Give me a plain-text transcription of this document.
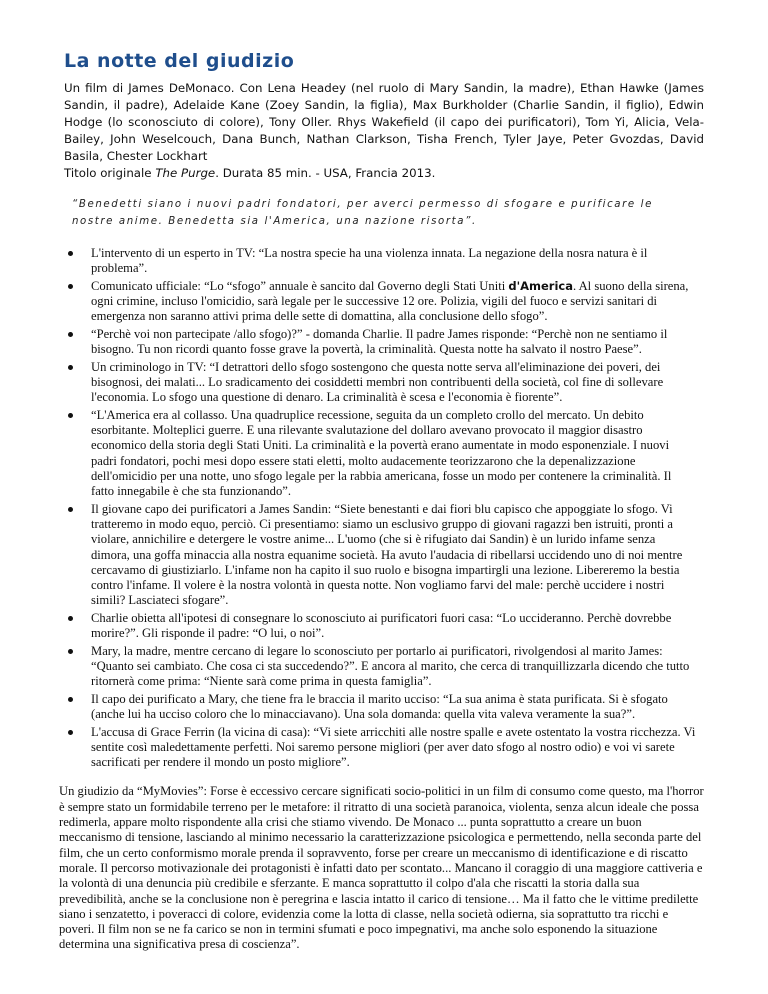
La notte del giudizio

Un film di James DeMonaco. Con Lena Headey (nel ruolo di Mary Sandin, la madre), Ethan Hawke (James Sandin, il padre), Adelaide Kane (Zoey Sandin, la figlia), Max Burkholder (Charlie Sandin, il figlio), Edwin Hodge (lo sconosciuto di colore), Tony Oller. Rhys Wakefield (il capo dei purificatori), Tom Yi, Alicia, Vela-Bailey, John Weselcouch, Dana Bunch, Nathan Clarkson, Tisha French, Tyler Jaye, Peter Gvozdas, David Basila, Chester Lockhart
Titolo originale The Purge. Durata 85 min. - USA, Francia 2013.

“Benedetti siano i nuovi padri fondatori, per averci permesso di sfogare e purificare le nostre anime. Benedetta sia l'America, una nazione risorta”.

L'intervento di un esperto in TV: “La nostra specie ha una violenza innata. La negazione della nosra natura è il problema”.
Comunicato ufficiale: “Lo “sfogo” annuale è sancito dal Governo degli Stati Uniti d'America. Al suono della sirena, ogni crimine, incluso l'omicidio, sarà legale per le successive 12 ore. Polizia, vigili del fuoco e servizi sanitari di emergenza non saranno attivi prima delle sette di domattina, alla conclusione dello sfogo”.
“Perchè voi non partecipate /allo sfogo)?” - domanda Charlie. Il padre James risponde: “Perchè non ne sentiamo il bisogno. Tu non ricordi quanto fosse grave la povertà, la criminalità. Questa notte ha salvato il nostro Paese”.
Un criminologo in TV: “I detrattori dello sfogo sostengono che questa notte serva all'eliminazione dei poveri, dei bisognosi, dei malati... Lo sradicamento dei cosiddetti membri non contribuenti della società, col fine di sollevare l'economia. Lo sfogo una questione di denaro. La criminalità è scesa e l'economia è fiorente”.
“L'America era al collasso. Una quadruplice recessione, seguita da un completo crollo del mercato. Un debito esorbitante. Molteplici guerre. E una rilevante svalutazione del dollaro avevano provocato il maggior disastro economico della storia degli Stati Uniti. La criminalità e la povertà erano aumentate in modo esponenziale. I nuovi padri fondatori, pochi mesi dopo essere stati eletti, molto audacemente teorizzarono che la depenalizzazione dell'omicidio per una notte, uno sfogo legale per la rabbia americana, fosse un modo per contenere la criminalità. Il fatto innegabile è che sta funzionando”.
Il giovane capo dei purificatori a James Sandin: “Siete benestanti e dai fiori blu capisco che appoggiate lo sfogo. Vi tratteremo in modo equo, perciò. Ci presentiamo: siamo un esclusivo gruppo di giovani ragazzi ben istruiti, pronti a violare, annichilire e detergere le vostre anime... L'uomo (che si è rifugiato dai Sandin) è un lurido infame senza dimora, una goffa minaccia alla nostra equanime società. Ha avuto l'audacia di ribellarsi uccidendo uno di noi mentre cercavamo di giustiziarlo. L'infame non ha capito il suo ruolo e bisogna impartirgli una lezione. Libereremo la bestia contro l'infame. Il volere è la nostra volontà in questa notte. Non vogliamo farvi del male: perchè uccidere i nostri simili? Lasciateci sfogare”.
Charlie obietta all'ipotesi di consegnare lo sconosciuto ai purificatori fuori casa: “Lo uccideranno. Perchè dovrebbe morire?”. Gli risponde il padre: “O lui, o noi”.
Mary, la madre, mentre cercano di legare lo sconosciuto per portarlo ai purificatori, rivolgendosi al marito James: “Quanto sei cambiato. Che cosa ci sta succedendo?”. E ancora al marito, che cerca di tranquillizzarla dicendo che tutto ritornerà come prima: “Niente sarà come prima in questa famiglia”.
Il capo dei purificato a Mary, che tiene fra le braccia il marito ucciso: “La sua anima è stata purificata. Si è sfogato (anche lui ha ucciso coloro che lo minacciavano). Una sola domanda: quella vita valeva veramente la sua?”.
L'accusa di Grace Ferrin (la vicina di casa): “Vi siete arricchiti alle nostre spalle e avete ostentato la vostra ricchezza. Vi sentite così maledettamente perfetti. Noi saremo persone migliori (per aver dato sfogo al nostro odio) e voi vi sarete sacrificati per rendere il mondo un posto migliore”.

Un giudizio da “MyMovies”: Forse è eccessivo cercare significati socio-politici in un film di consumo come questo, ma l'horror è sempre stato un formidabile terreno per le metafore: il ritratto di una società paranoica, violenta, senza alcun ideale che possa redimerla, appare molto rispondente alla crisi che stiamo vivendo. De Monaco ... punta soprattutto a creare un buon meccanismo di tensione, lasciando al minimo necessario la caratterizzazione psicologica e permettendo, nella seconda parte del film, che un certo conformismo morale prenda il sopravvento, forse per creare un meccanismo di identificazione e di riscatto morale. Il percorso motivazionale dei protagonisti è infatti dato per scontato... Mancano il coraggio di una maggiore cattiveria e la volontà di una denuncia più credibile e sferzante. E manca soprattutto il colpo d'ala che riscatti la storia dalla sua prevedibilità, anche se la conclusione non è peregrina e lascia intatto il carico di tensione… Ma il fatto che le vittime predilette siano i senzatetto, i poveracci di colore, evidenzia come la lotta di classe, nella società odierna, sia soprattutto tra ricchi e poveri. Il film non se ne fa carico se non in termini sfumati e poco impegnativi, ma anche solo esponendo la situazione determina una significativa presa di coscienza”.
